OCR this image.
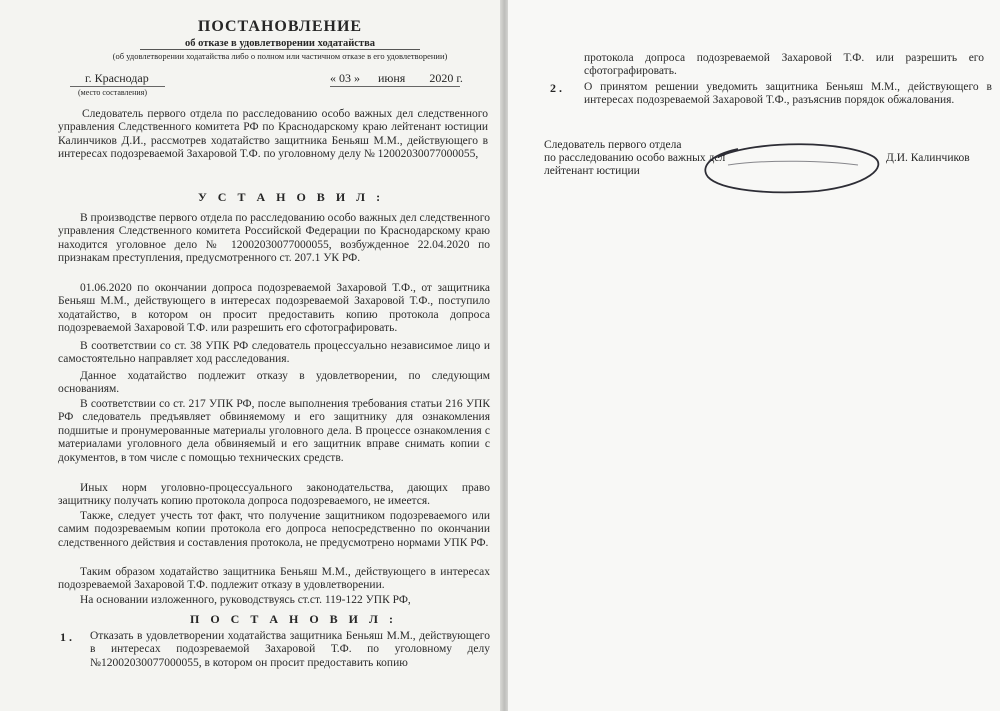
ПОСТАНОВЛЕНИЕ
об отказе в удовлетворении ходатайства
(об удовлетворении ходатайства либо о полном или частичном отказе в его удовлетворении)
г. Краснодар
(место составления)
« 03 »      июня        2020 г.
Следователь первого отдела по расследованию особо важных дел следственного управления Следственного комитета РФ по Краснодарскому краю лейтенант юстиции Калинчиков Д.И., рассмотрев ходатайство защитника Беньяш М.М., действующего в интересах подозреваемой Захаровой Т.Ф. по уголовному делу № 12002030077000055,
У С Т А Н О В И Л :
В производстве первого отдела по расследованию особо важных дел следственного управления Следственного комитета Российской Федерации по Краснодарскому краю находится уголовное дело № 12002030077000055, возбужденное 22.04.2020 по признакам преступления, предусмотренного ст. 207.1 УК РФ.
01.06.2020 по окончании допроса подозреваемой Захаровой Т.Ф., от защитника Беньяш М.М., действующего в интересах подозреваемой Захаровой Т.Ф., поступило ходатайство, в котором он просит предоставить копию протокола допроса подозреваемой Захаровой Т.Ф. или разрешить его сфотографировать.
В соответствии со ст. 38 УПК РФ следователь процессуально независимое лицо и самостоятельно направляет ход расследования.
Данное ходатайство подлежит отказу в удовлетворении, по следующим основаниям.
В соответствии со ст. 217 УПК РФ, после выполнения требования статьи 216 УПК РФ следователь предъявляет обвиняемому и его защитнику для ознакомления подшитые и пронумерованные материалы уголовного дела. В процессе ознакомления с материалами уголовного дела обвиняемый и его защитник вправе снимать копии с документов, в том числе с помощью технических средств.
Иных норм уголовно-процессуального законодательства, дающих право защитнику получать копию протокола допроса подозреваемого, не имеется.
Также, следует учесть тот факт, что получение защитником подозреваемого или самим подозреваемым копии протокола его допроса непосредственно по окончании следственного действия и составления протокола, не предусмотрено нормами УПК РФ.
Таким образом ходатайство защитника Беньяш М.М., действующего в интересах подозреваемой Захаровой Т.Ф. подлежит отказу в удовлетворении.
На основании изложенного, руководствуясь ст.ст. 119-122 УПК РФ,
П О С Т А Н О В И Л :
1 . Отказать в удовлетворении ходатайства защитника Беньяш М.М., действующего в интересах подозреваемой Захаровой Т.Ф. по уголовному делу №12002030077000055, в котором он просит предоставить копию
протокола допроса подозреваемой Захаровой Т.Ф. или разрешить его сфотографировать.
2 . О принятом решении уведомить защитника Беньяш М.М., действующего в интересах подозреваемой Захаровой Т.Ф., разъяснив порядок обжалования.
Следователь первого отдела
по расследованию особо важных дел
лейтенант юстиции
Д.И. Калинчиков
